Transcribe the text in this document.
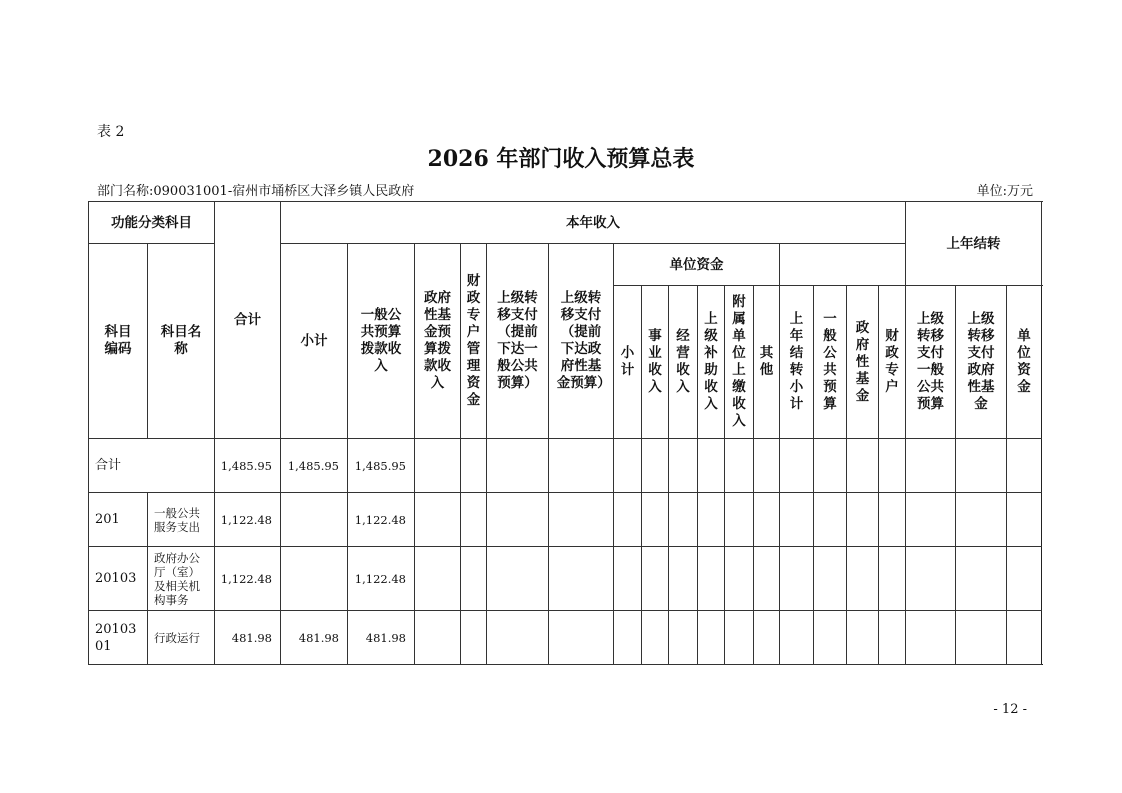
表 2
2026 年部门收入预算总表
部门名称:090031001-宿州市埇桥区大泽乡镇人民政府	单位:万元
功能分类科目		合计	本年收入																上年结转		
科目编码	科目名称		小计	一般公共预算拨款收入	政府性基金预算拨款收入	财政专户管理资金	上级转移支付（提前下达一般公共预算）	上级转移支付（提前下达政府性基金预算）	单位资金												
									小计	事业收入	经营收入	上级补助收入	附属单位上缴收入	其他	上年结转小计	一般公共预算	政府性基金	财政专户	上级转移支付一般公共预算	上级转移支付政府性基金	单位资金
合计		1,485.95	1,485.95	1,485.95																	
201	一般公共服务支出	1,122.48		1,122.48																	
20103	政府办公厅（室）及相关机构事务	1,122.48		1,122.48																	
2010301	行政运行	481.98	481.98	481.98																	
- 12 -
